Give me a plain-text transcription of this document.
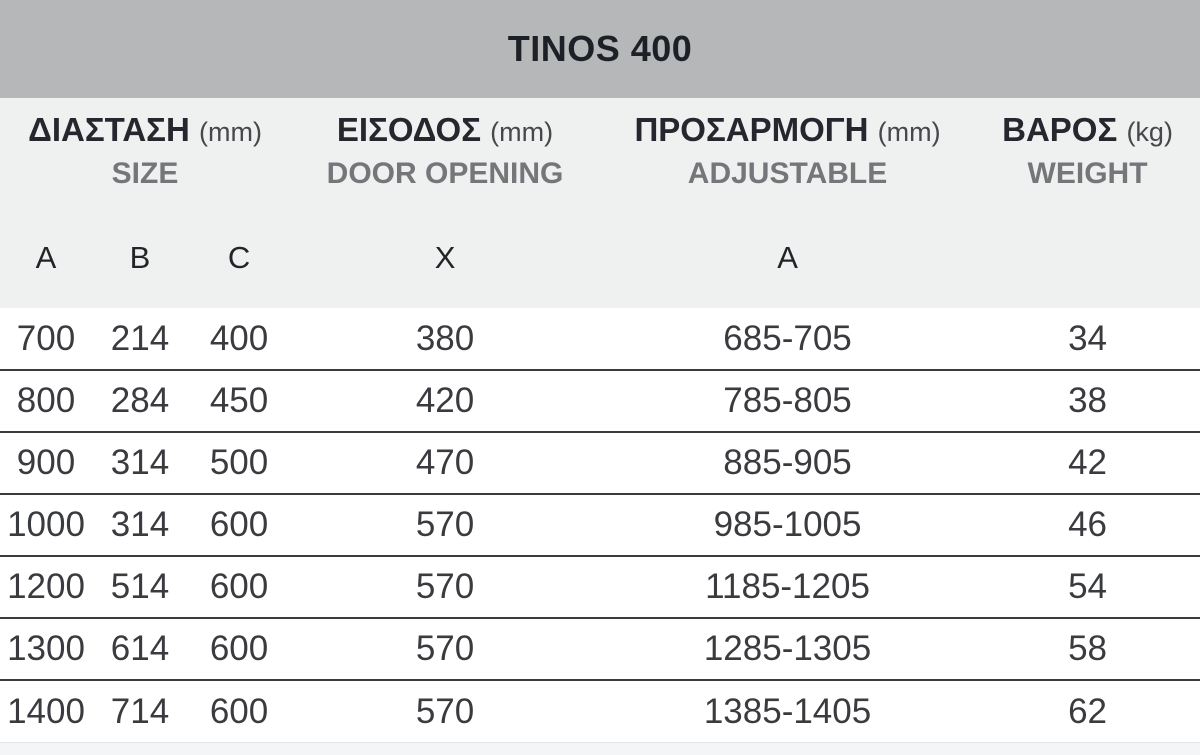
TINOS 400
ΔΙΑΣΤΑΣΗ (mm)
SIZE

ΕΙΣΟΔΟΣ (mm)
DOOR OPENING

ΠΡΟΣΑΡΜΟΓΗ (mm)
ADJUSTABLE

ΒΑΡΟΣ (kg)
WEIGHT

A	B	C	X	A	
700	214	400	380	685-705	34
800	284	450	420	785-805	38
900	314	500	470	885-905	42
1000	314	600	570	985-1005	46
1200	514	600	570	1185-1205	54
1300	614	600	570	1285-1305	58
1400	714	600	570	1385-1405	62
